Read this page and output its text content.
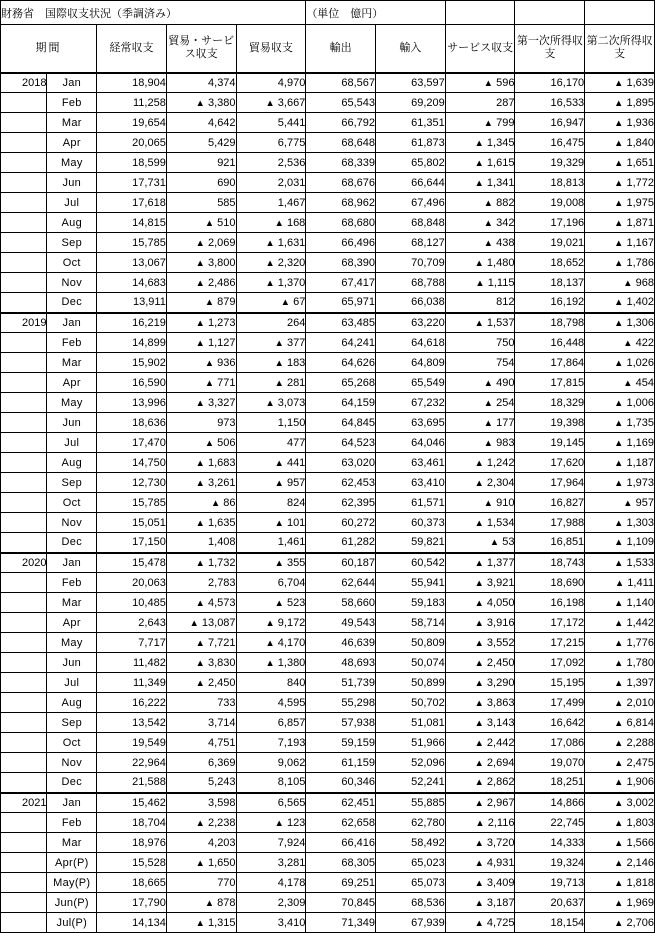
財務省　国際収支状況（季調済み）					（単位　億円）				
期間		経常収支	貿易・サービス収支	貿易収支	輸出	輸入	サービス収支	第一次所得収支	第二次所得収支
2018	Jan	18,904	4,374	4,970	68,567	63,597	▲ 596	16,170	▲ 1,639
	Feb	11,258	▲ 3,380	▲ 3,667	65,543	69,209	287	16,533	▲ 1,895
	Mar	19,654	4,642	5,441	66,792	61,351	▲ 799	16,947	▲ 1,936
	Apr	20,065	5,429	6,775	68,648	61,873	▲ 1,345	16,475	▲ 1,840
	May	18,599	921	2,536	68,339	65,802	▲ 1,615	19,329	▲ 1,651
	Jun	17,731	690	2,031	68,676	66,644	▲ 1,341	18,813	▲ 1,772
	Jul	17,618	585	1,467	68,962	67,496	▲ 882	19,008	▲ 1,975
	Aug	14,815	▲ 510	▲ 168	68,680	68,848	▲ 342	17,196	▲ 1,871
	Sep	15,785	▲ 2,069	▲ 1,631	66,496	68,127	▲ 438	19,021	▲ 1,167
	Oct	13,067	▲ 3,800	▲ 2,320	68,390	70,709	▲ 1,480	18,652	▲ 1,786
	Nov	14,683	▲ 2,486	▲ 1,370	67,417	68,788	▲ 1,115	18,137	▲ 968
	Dec	13,911	▲ 879	▲ 67	65,971	66,038	812	16,192	▲ 1,402
2019	Jan	16,219	▲ 1,273	264	63,485	63,220	▲ 1,537	18,798	▲ 1,306
	Feb	14,899	▲ 1,127	▲ 377	64,241	64,618	750	16,448	▲ 422
	Mar	15,902	▲ 936	▲ 183	64,626	64,809	754	17,864	▲ 1,026
	Apr	16,590	▲ 771	▲ 281	65,268	65,549	▲ 490	17,815	▲ 454
	May	13,996	▲ 3,327	▲ 3,073	64,159	67,232	▲ 254	18,329	▲ 1,006
	Jun	18,636	973	1,150	64,845	63,695	▲ 177	19,398	▲ 1,735
	Jul	17,470	▲ 506	477	64,523	64,046	▲ 983	19,145	▲ 1,169
	Aug	14,750	▲ 1,683	▲ 441	63,020	63,461	▲ 1,242	17,620	▲ 1,187
	Sep	12,730	▲ 3,261	▲ 957	62,453	63,410	▲ 2,304	17,964	▲ 1,973
	Oct	15,785	▲ 86	824	62,395	61,571	▲ 910	16,827	▲ 957
	Nov	15,051	▲ 1,635	▲ 101	60,272	60,373	▲ 1,534	17,988	▲ 1,303
	Dec	17,150	1,408	1,461	61,282	59,821	▲ 53	16,851	▲ 1,109
2020	Jan	15,478	▲ 1,732	▲ 355	60,187	60,542	▲ 1,377	18,743	▲ 1,533
	Feb	20,063	2,783	6,704	62,644	55,941	▲ 3,921	18,690	▲ 1,411
	Mar	10,485	▲ 4,573	▲ 523	58,660	59,183	▲ 4,050	16,198	▲ 1,140
	Apr	2,643	▲ 13,087	▲ 9,172	49,543	58,714	▲ 3,916	17,172	▲ 1,442
	May	7,717	▲ 7,721	▲ 4,170	46,639	50,809	▲ 3,552	17,215	▲ 1,776
	Jun	11,482	▲ 3,830	▲ 1,380	48,693	50,074	▲ 2,450	17,092	▲ 1,780
	Jul	11,349	▲ 2,450	840	51,739	50,899	▲ 3,290	15,195	▲ 1,397
	Aug	16,222	733	4,595	55,298	50,702	▲ 3,863	17,499	▲ 2,010
	Sep	13,542	3,714	6,857	57,938	51,081	▲ 3,143	16,642	▲ 6,814
	Oct	19,549	4,751	7,193	59,159	51,966	▲ 2,442	17,086	▲ 2,288
	Nov	22,964	6,369	9,062	61,159	52,096	▲ 2,694	19,070	▲ 2,475
	Dec	21,588	5,243	8,105	60,346	52,241	▲ 2,862	18,251	▲ 1,906
2021	Jan	15,462	3,598	6,565	62,451	55,885	▲ 2,967	14,866	▲ 3,002
	Feb	18,704	▲ 2,238	▲ 123	62,658	62,780	▲ 2,116	22,745	▲ 1,803
	Mar	18,976	4,203	7,924	66,416	58,492	▲ 3,720	14,333	▲ 1,566
	Apr(P)	15,528	▲ 1,650	3,281	68,305	65,023	▲ 4,931	19,324	▲ 2,146
	May(P)	18,665	770	4,178	69,251	65,073	▲ 3,409	19,713	▲ 1,818
	Jun(P)	17,790	▲ 878	2,309	70,845	68,536	▲ 3,187	20,637	▲ 1,969
	Jul(P)	14,134	▲ 1,315	3,410	71,349	67,939	▲ 4,725	18,154	▲ 2,706
